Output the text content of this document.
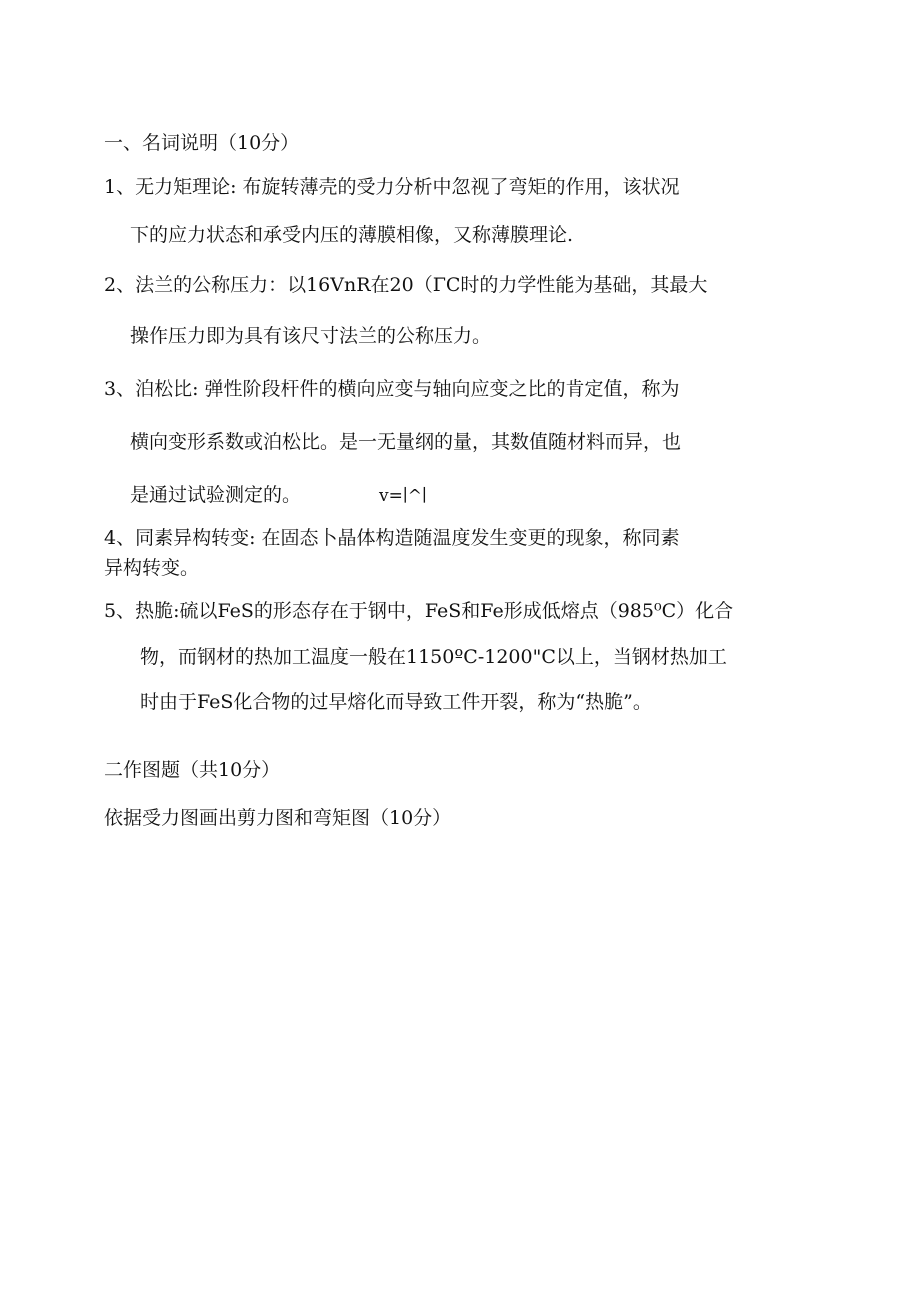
一、名词说明（10分）
1、无力矩理论: 布旋转薄壳的受力分析中忽视了弯矩的作用，该状况
下的应力状态和承受内压的薄膜相像，又称薄膜理论.
2、法兰的公称压力：以16VnR在20（ΓC时的力学性能为基础，其最大
操作压力即为具有该尺寸法兰的公称压力。
3、泊松比: 弹性阶段杆件的横向应变与轴向应变之比的肯定值，称为
横向变形系数或泊松比。是一无量纲的量，其数值随材料而异，也
是通过试验测定的。	v=∣^∣
4、同素异构转变: 在固态卜晶体构造随温度发生变更的现象，称同素
异构转变。
5、热脆:硫以FeS的形态存在于钢中，FeS和Fe形成低熔点（985⁰C）化合
物，而钢材的热加工温度一般在1150ºC-1200"C以上，当钢材热加工
时由于FeS化合物的过早熔化而导致工件开裂，称为“热脆”。
二作图题（共10分）
依据受力图画出剪力图和弯矩图（10分）
